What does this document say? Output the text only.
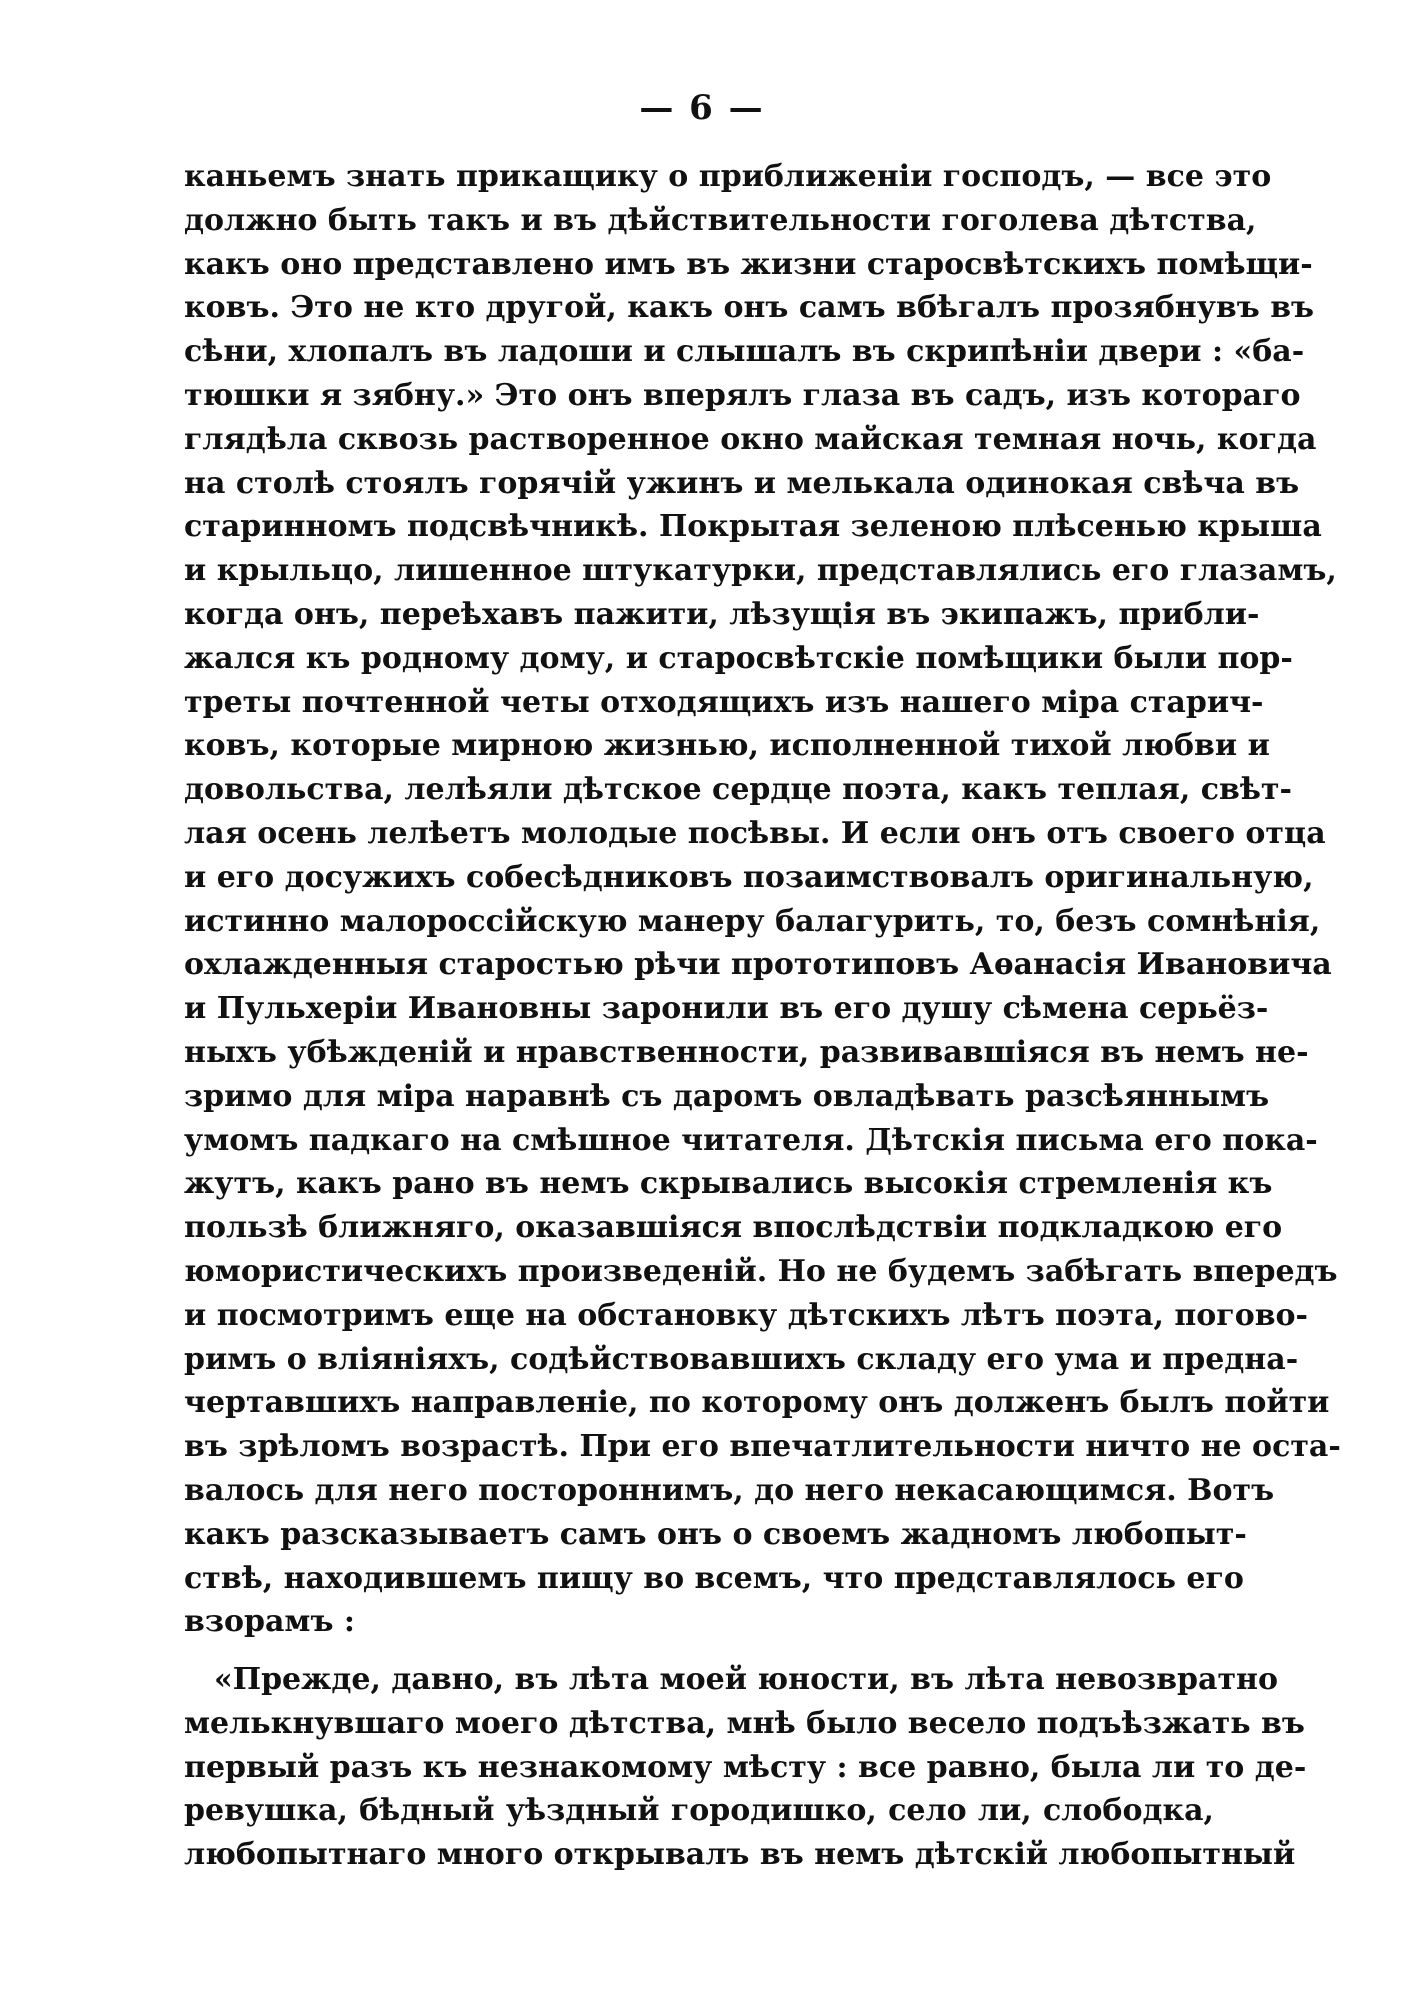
— 6 —
каньемъ знать прикащику о приближеніи господъ, — все это
должно быть такъ и въ дѣйствительности гоголева дѣтства,
какъ оно представлено имъ въ жизни старосвѣтскихъ помѣщи-
ковъ. Это не кто другой, какъ онъ самъ вбѣгалъ прозябнувъ въ
сѣни, хлопалъ въ ладоши и слышалъ въ скрипѣніи двери : «ба-
тюшки я зябну.» Это онъ вперялъ глаза въ садъ, изъ котораго
глядѣла сквозь растворенное окно майская темная ночь, когда
на столѣ стоялъ горячій ужинъ и мелькала одинокая свѣча въ
старинномъ подсвѣчникѣ. Покрытая зеленою плѣсенью крыша
и крыльцо, лишенное штукатурки, представлялись его глазамъ,
когда онъ, переѣхавъ пажити, лѣзущія въ экипажъ, прибли-
жался къ родному дому, и старосвѣтскіе помѣщики были пор-
треты почтенной четы отходящихъ изъ нашего міра старич-
ковъ, которые мирною жизнью, исполненной тихой любви и
довольства, лелѣяли дѣтское сердце поэта, какъ теплая, свѣт-
лая осень лелѣетъ молодые посѣвы. И если онъ отъ своего отца
и его досужихъ собесѣдниковъ позаимствовалъ оригинальную,
истинно малороссійскую манеру балагурить, то, безъ сомнѣнія,
охлажденныя старостью рѣчи прототиповъ Аѳанасія Ивановича
и Пульхеріи Ивановны заронили въ его душу сѣмена серьёз-
ныхъ убѣжденій и нравственности, развивавшіяся въ немъ не-
зримо для міра наравнѣ съ даромъ овладѣвать разсѣяннымъ
умомъ падкаго на смѣшное читателя. Дѣтскія письма его пока-
жутъ, какъ рано въ немъ скрывались высокія стремленія къ
пользѣ ближняго, оказавшіяся впослѣдствіи подкладкою его
юмористическихъ произведеній. Но не будемъ забѣгать впередъ
и посмотримъ еще на обстановку дѣтскихъ лѣтъ поэта, погово-
римъ о вліяніяхъ, содѣйствовавшихъ складу его ума и предна-
чертавшихъ направленіе, по которому онъ долженъ былъ пойти
въ зрѣломъ возрастѣ. При его впечатлительности ничто не оста-
валось для него постороннимъ, до него некасающимся. Вотъ
какъ разсказываетъ самъ онъ о своемъ жадномъ любопыт-
ствѣ, находившемъ пищу во всемъ, что представлялось его
взорамъ :
«Прежде, давно, въ лѣта моей юности, въ лѣта невозвратно
мелькнувшаго моего дѣтства, мнѣ было весело подъѣзжать въ
первый разъ къ незнакомому мѣсту : все равно, была ли то де-
ревушка, бѣдный уѣздный городишко, село ли, слободка,
любопытнаго много открывалъ въ немъ дѣтскій любопытный
